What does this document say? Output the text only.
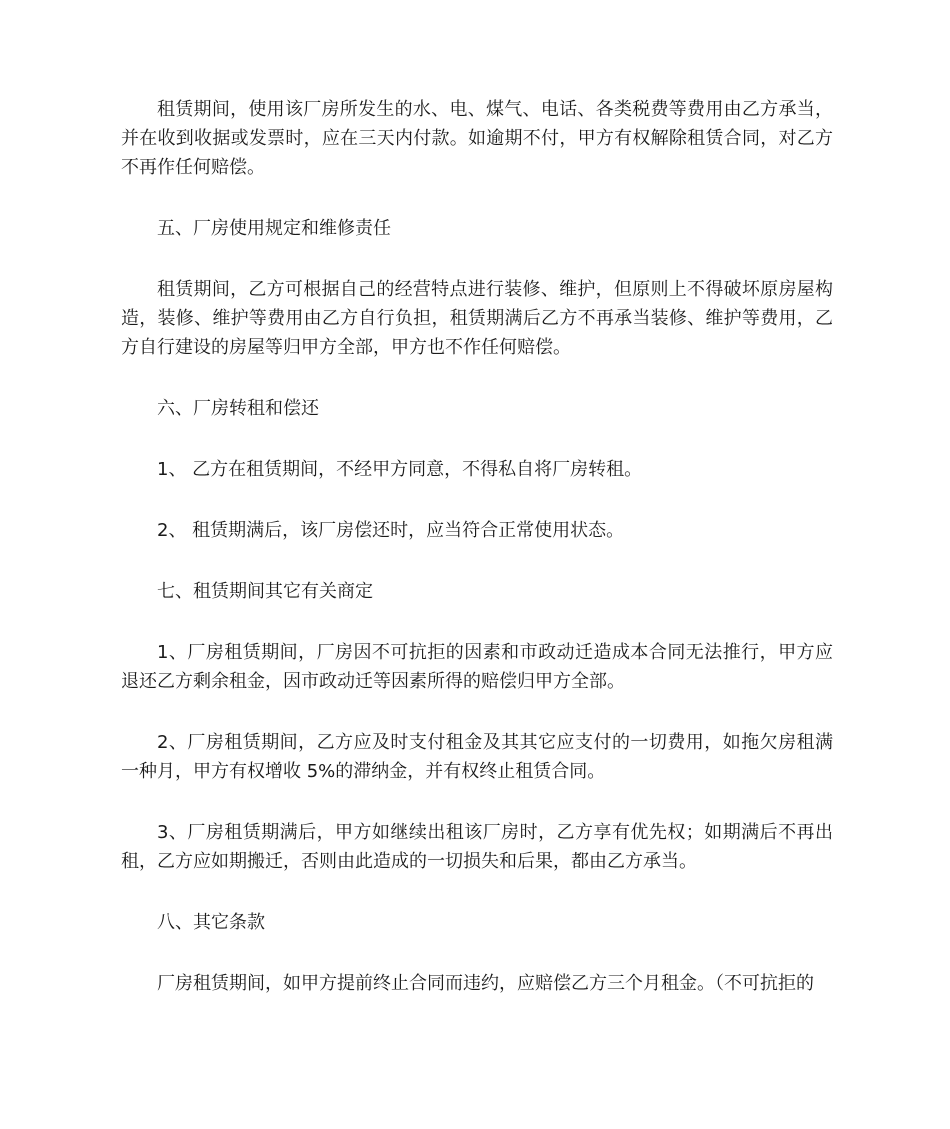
租赁期间，使用该厂房所发生的水、电、煤气、电话、各类税费等费用由乙方承当，并在收到收据或发票时，应在三天内付款。如逾期不付，甲方有权解除租赁合同，对乙方不再作任何赔偿。

五、厂房使用规定和维修责任

租赁期间，乙方可根据自己的经营特点进行装修、维护，但原则上不得破坏原房屋构造，装修、维护等费用由乙方自行负担，租赁期满后乙方不再承当装修、维护等费用，乙方自行建设的房屋等归甲方全部，甲方也不作任何赔偿。

六、厂房转租和偿还

1、 乙方在租赁期间，不经甲方同意，不得私自将厂房转租。

2、 租赁期满后，该厂房偿还时，应当符合正常使用状态。

七、租赁期间其它有关商定

1、厂房租赁期间，厂房因不可抗拒的因素和市政动迁造成本合同无法推行，甲方应退还乙方剩余租金，因市政动迁等因素所得的赔偿归甲方全部。

2、厂房租赁期间，乙方应及时支付租金及其其它应支付的一切费用，如拖欠房租满一种月，甲方有权增收 5%的滞纳金，并有权终止租赁合同。

3、厂房租赁期满后，甲方如继续出租该厂房时，乙方享有优先权；如期满后不再出租，乙方应如期搬迁，否则由此造成的一切损失和后果，都由乙方承当。

八、其它条款

厂房租赁期间，如甲方提前终止合同而违约，应赔偿乙方三个月租金。（不可抗拒的
